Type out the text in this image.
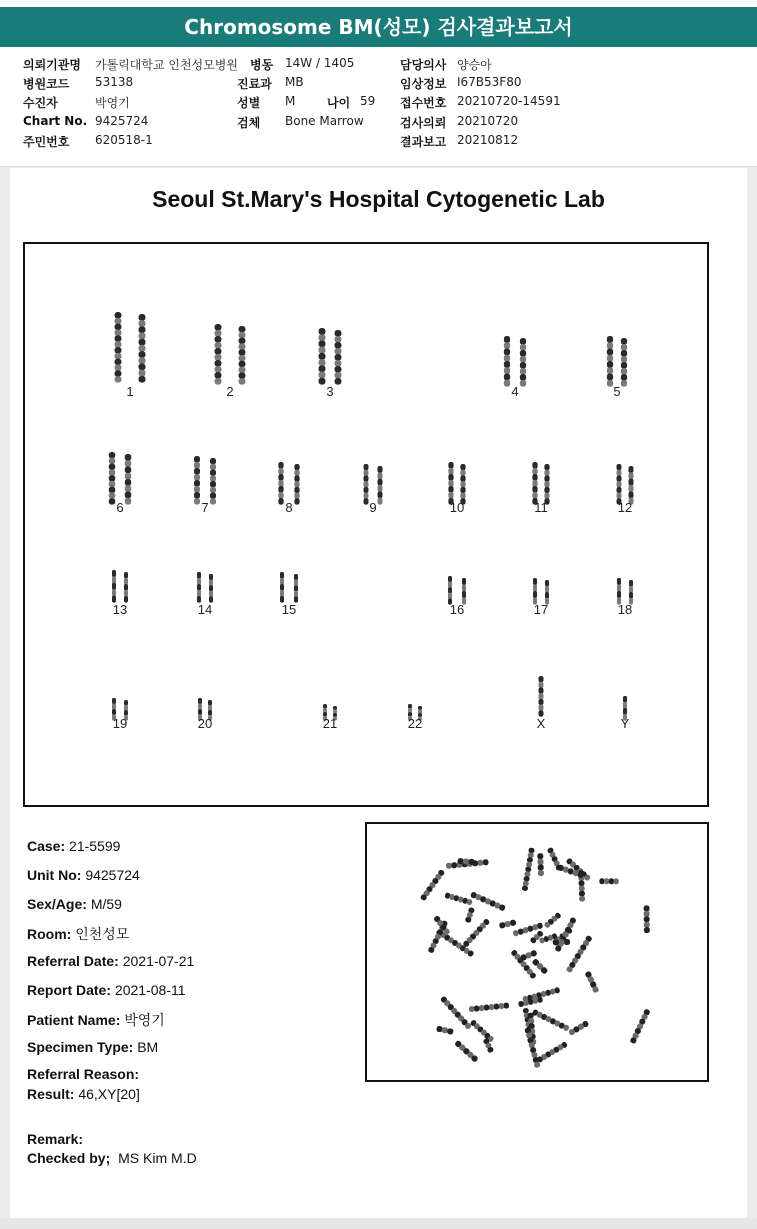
Chromosome BM(성모) 검사결과보고서
의뢰기관명 가톨릭대학교 인천성모병원 병동 14W / 1405	담당의사 양승아
병원코드 53138	진료과 MB	임상정보 I67B53F80
수진자	박영기	성별 M	나이 59 접수번호 20210720-14591
Chart No. 9425724	검체 Bone Marrow	검사의뢰 20210720
주민번호 620518-1	결과보고 20210812
Seoul St.Mary's Hospital Cytogenetic Lab
1	2	3	4	5
6	7	8	9	10	11	12
13	14	15	16	17	18
19	20	21	22	X	Y
Case: 21-5599
Unit No: 9425724
Sex/Age: M/59
Room: 인천성모
Referral Date: 2021-07-21
Report Date: 2021-08-11
Patient Name: 박영기
Specimen Type: BM
Referral Reason:
Result: 46,XY[20]
Remark:
Checked by; MS Kim M.D
